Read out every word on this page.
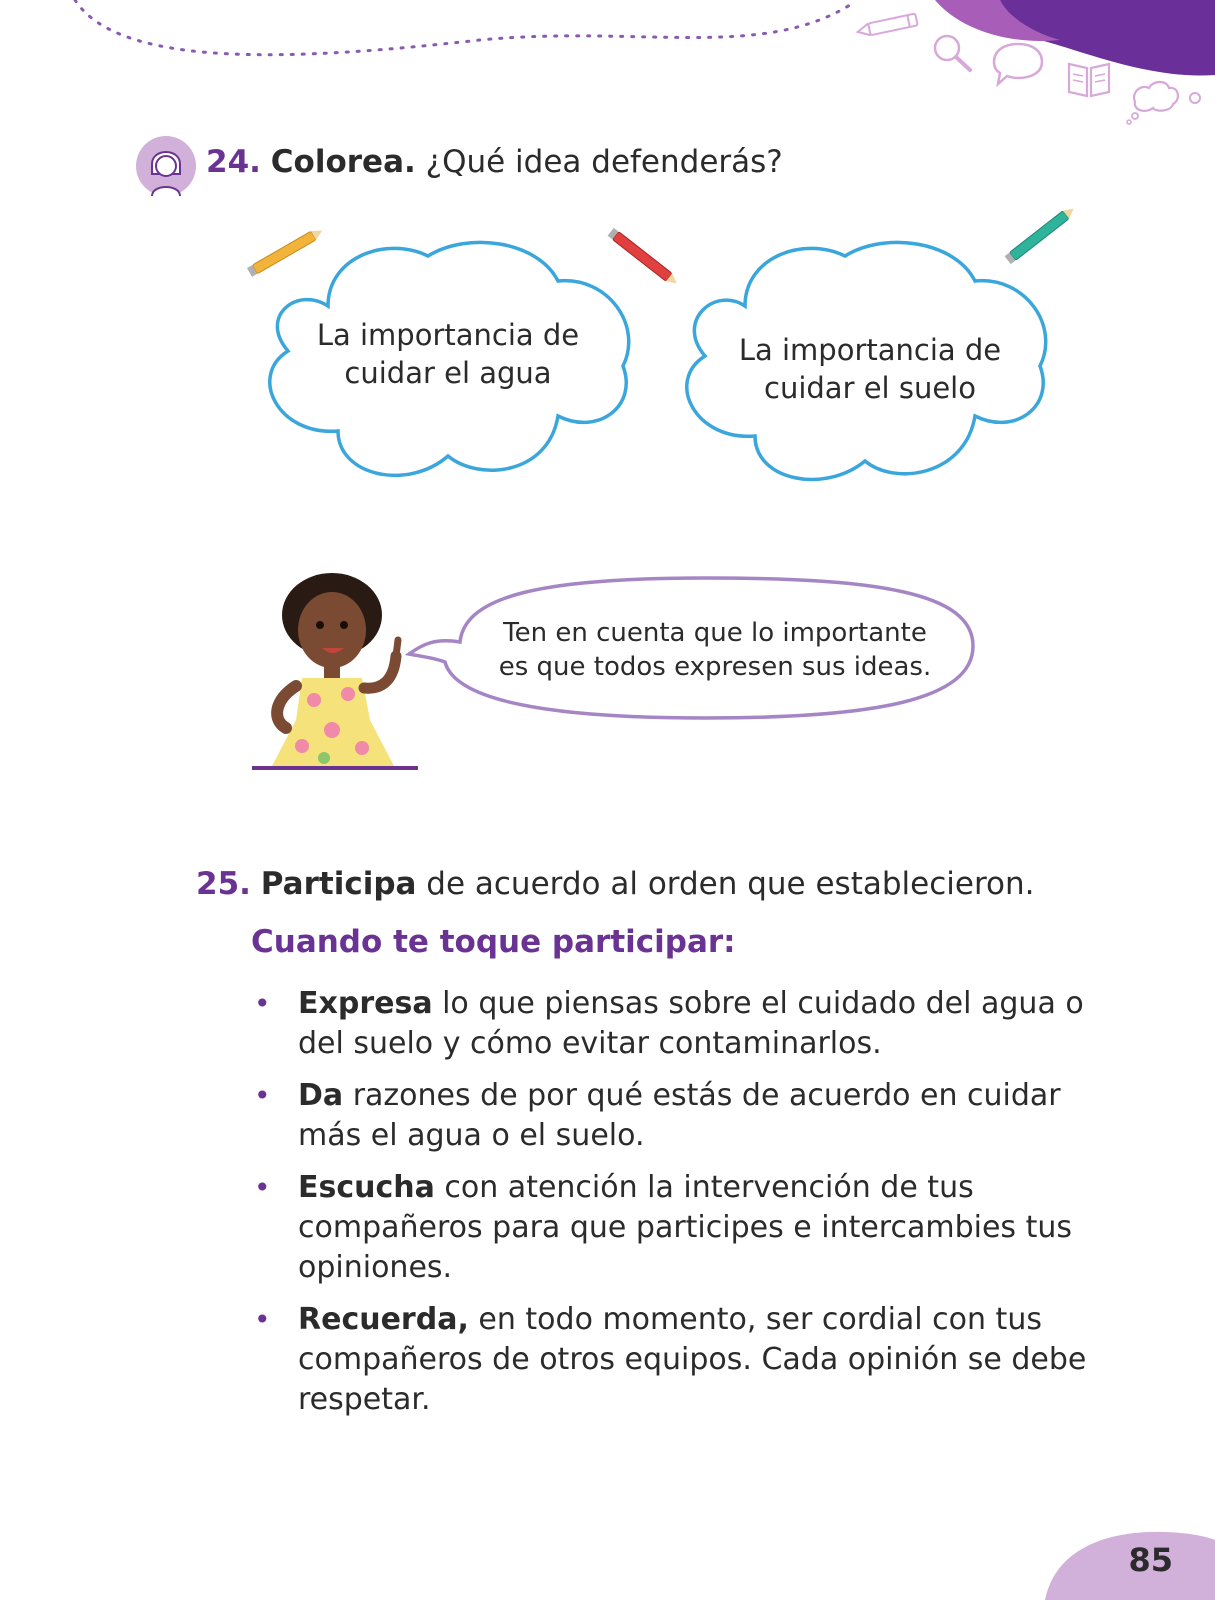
24. Colorea. ¿Qué idea defenderás?
La importancia de
cuidar el agua
La importancia de
cuidar el suelo
Ten en cuenta que lo importante
es que todos expresen sus ideas.
25. Participa de acuerdo al orden que establecieron.
Cuando te toque participar:
• Expresa lo que piensas sobre el cuidado del agua o del suelo y cómo evitar contaminarlos.
• Da razones de por qué estás de acuerdo en cuidar más el agua o el suelo.
• Escucha con atención la intervención de tus compañeros para que participes e intercambies tus opiniones.
• Recuerda, en todo momento, ser cordial con tus compañeros de otros equipos. Cada opinión se debe respetar.
85
